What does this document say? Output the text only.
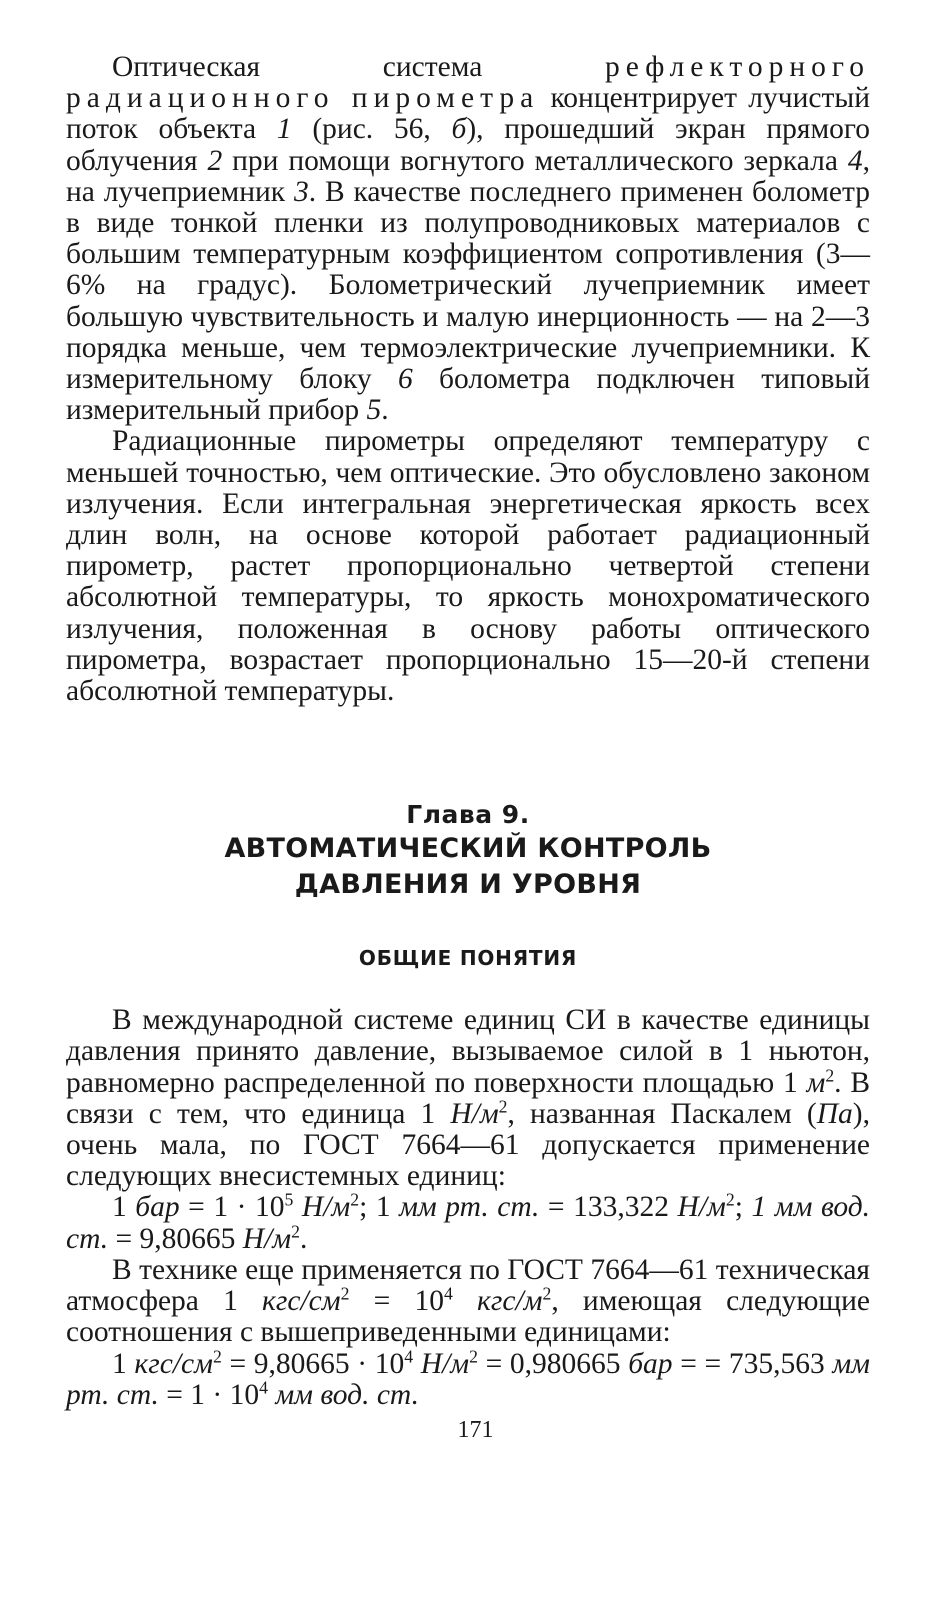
Оптическая система	рефлекторного радиационного пирометра концентрирует лучистый поток объекта 1 (рис. 56, б), прошедший экран прямого облучения 2 при помощи вогнутого металлического зеркала 4, на лучеприемник 3. В качестве последнего применен болометр в виде тонкой пленки из полупроводниковых материалов с большим температурным коэффициентом сопротивления (3—6% на градус). Болометрический лучеприемник имеет большую чувствительность и малую инерционность — на 2—3 порядка меньше, чем термоэлектрические лучеприемники. К измерительному блоку 6 болометра подключен типовый измерительный прибор 5.

Радиационные пирометры определяют температуру с меньшей точностью, чем оптические. Это обусловлено законом излучения. Если интегральная энергетическая яркость всех длин волн, на основе которой работает радиационный пирометр, растет пропорционально четвертой степени абсолютной температуры, то яркость монохроматического излучения, положенная в основу работы оптического пирометра, возрастает пропорционально 15—20-й степени абсолютной температуры.

Глава 9.
АВТОМАТИЧЕСКИЙ КОНТРОЛЬ
ДАВЛЕНИЯ И УРОВНЯ
ОБЩИЕ ПОНЯТИЯ

В международной системе единиц СИ в качестве единицы давления принято давление, вызываемое силой в 1 ньютон, равномерно распределенной по поверхности площадью 1 $м^2$. В связи с тем, что единица 1 $Н/м^2$, названная Паскалем (Па), очень мала, по ГОСТ 7664—61 допускается применение следующих внесистемных единиц:

1 бар = $1 \cdot 10^5$ $Н/м^2$; 1 мм рт. ст. = 133,322 $Н/м^2$; 1 мм вод. ст. = 9,80665 $Н/м^2$.

В технике еще применяется по ГОСТ 7664—61 техническая атмосфера 1 кгс/$см^2 = 10^4$ кгс/$м^2$, имеющая следующие соотношения с вышеприведенными единицами:

1 кгс/$см^2 = 9,80665 \cdot 10^4$ $Н/м^2 = 0,980665$ бар = = 735,563 мм рт. ст. = $1 \cdot 10^4$ мм вод. ст.

171
